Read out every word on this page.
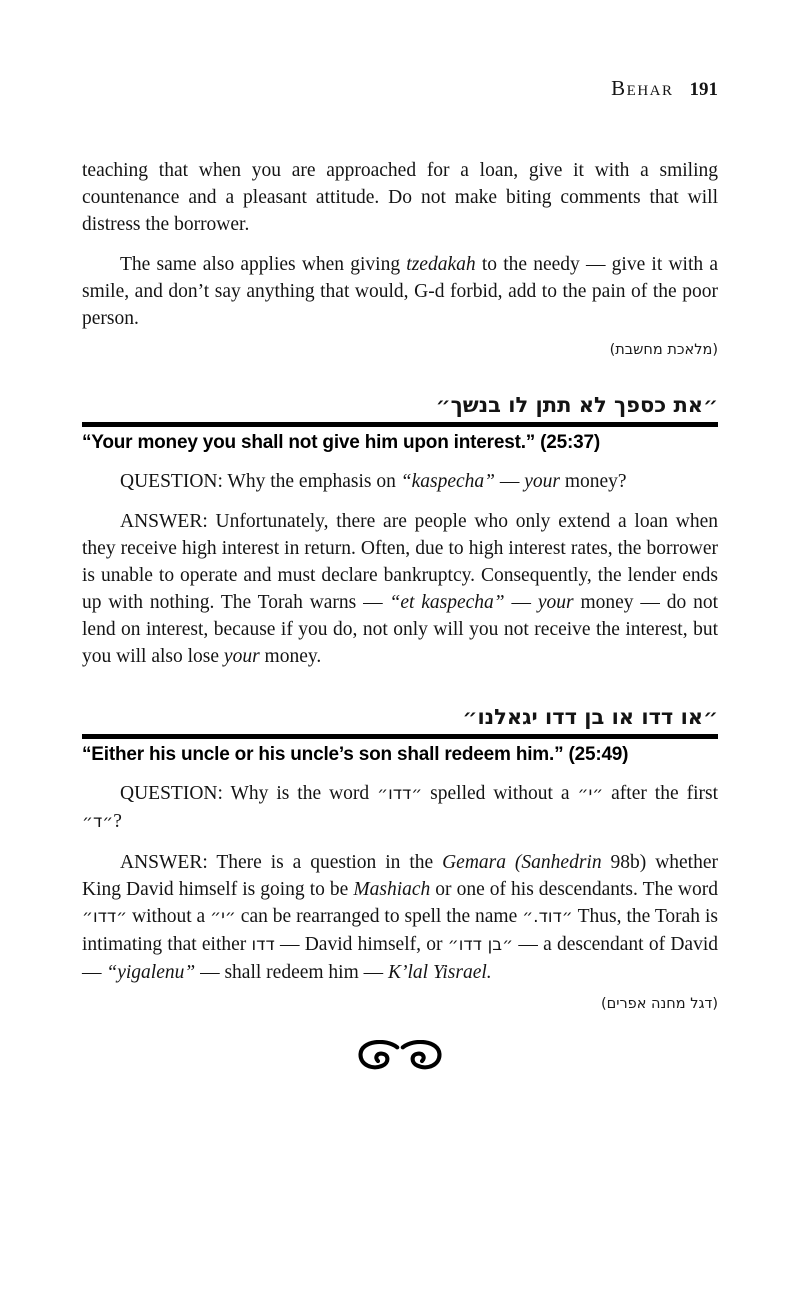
Behar 191

teaching that when you are approached for a loan, give it with a smiling countenance and a pleasant attitude. Do not make biting comments that will distress the borrower.

The same also applies when giving tzedakah to the needy — give it with a smile, and don’t say anything that would, G-d forbid, add to the pain of the poor person.

(מלאכת מחשבת)

״את כספך לא תתן לו בנשך״

“Your money you shall not give him upon interest.” (25:37)

QUESTION: Why the emphasis on “kaspecha” — your money?

ANSWER: Unfortunately, there are people who only extend a loan when they receive high interest in return. Often, due to high interest rates, the borrower is unable to operate and must declare bankruptcy. Consequently, the lender ends up with nothing. The Torah warns — “et kaspecha” — your money — do not lend on interest, because if you do, not only will you not receive the interest, but you will also lose your money.

״או דדו או בן דדו יגאלנו״

“Either his uncle or his uncle’s son shall redeem him.” (25:49)

QUESTION: Why is the word ״דדו״ spelled without a ״י״ after the first ״ד״?

ANSWER: There is a question in the Gemara (Sanhedrin 98b) whether King David himself is going to be Mashiach or one of his descendants. The word ״דדו״ without a ״י״ can be rearranged to spell the name ״דוד.״ Thus, the Torah is intimating that either דדו — David himself, or ״בן דדו״ — a descendant of David — “yigalenu” — shall redeem him — K’lal Yisrael.

(דגל מחנה אפרים)
